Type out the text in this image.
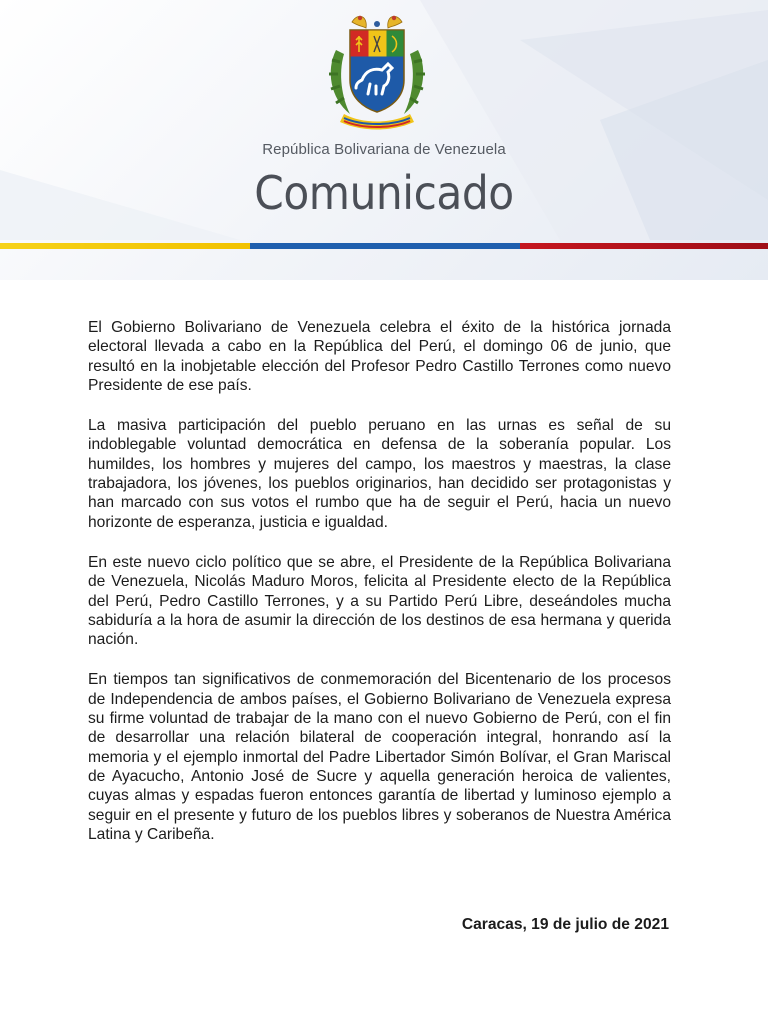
República Bolivariana de Venezuela
Comunicado

El Gobierno Bolivariano de Venezuela celebra el éxito de la histórica jornada electoral llevada a cabo en la República del Perú, el domingo 06 de junio, que resultó en la inobjetable elección del Profesor Pedro Castillo Terrones como nuevo Presidente de ese país.

La masiva participación del pueblo peruano en las urnas es señal de su indoblegable voluntad democrática en defensa de la soberanía popular. Los humildes, los hombres y mujeres del campo, los maestros y maestras, la clase trabajadora, los jóvenes, los pueblos originarios, han decidido ser protagonistas y han marcado con sus votos el rumbo que ha de seguir el Perú, hacia un nuevo horizonte de esperanza, justicia e igualdad.

En este nuevo ciclo político que se abre, el Presidente de la República Bolivariana de Venezuela, Nicolás Maduro Moros, felicita al Presidente electo de la República del Perú, Pedro Castillo Terrones, y a su Partido Perú Libre, deseándoles mucha sabiduría a la hora de asumir la dirección de los destinos de esa hermana y querida nación.

En tiempos tan significativos de conmemoración del Bicentenario de los procesos de Independencia de ambos países, el Gobierno Bolivariano de Venezuela expresa su firme voluntad de trabajar de la mano con el nuevo Gobierno de Perú, con el fin de desarrollar una relación bilateral de cooperación integral, honrando así la memoria y el ejemplo inmortal del Padre Libertador Simón Bolívar, el Gran Mariscal de Ayacucho, Antonio José de Sucre y aquella generación heroica de valientes, cuyas almas y espadas fueron entonces garantía de libertad y luminoso ejemplo a seguir en el presente y futuro de los pueblos libres y soberanos de Nuestra América Latina y Caribeña.

Caracas, 19 de julio de 2021
